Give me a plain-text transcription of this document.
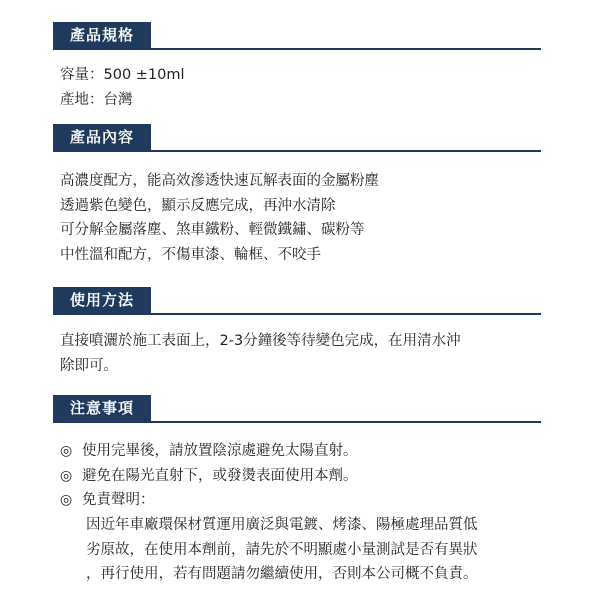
產品規格
容量：500 ±10ml
產地：台灣
產品內容
高濃度配方，能高效滲透快速瓦解表面的金屬粉塵
透過紫色變色，顯示反應完成，再沖水清除
可分解金屬落塵、煞車鐵粉、輕微鐵鏽、碳粉等
中性溫和配方，不傷車漆、輪框、不咬手
使用方法
直接噴灑於施工表面上，2-3分鐘後等待變色完成，在用清水沖
除即可。
注意事項
◎ 使用完畢後，請放置陰涼處避免太陽直射。
◎ 避免在陽光直射下，或發燙表面使用本劑。
◎ 免責聲明：
因近年車廠環保材質運用廣泛與電鍍、烤漆、陽極處理品質低
劣原故，在使用本劑前，請先於不明顯處小量測試是否有異狀
，再行使用，若有問題請勿繼續使用，否則本公司概不負責。
